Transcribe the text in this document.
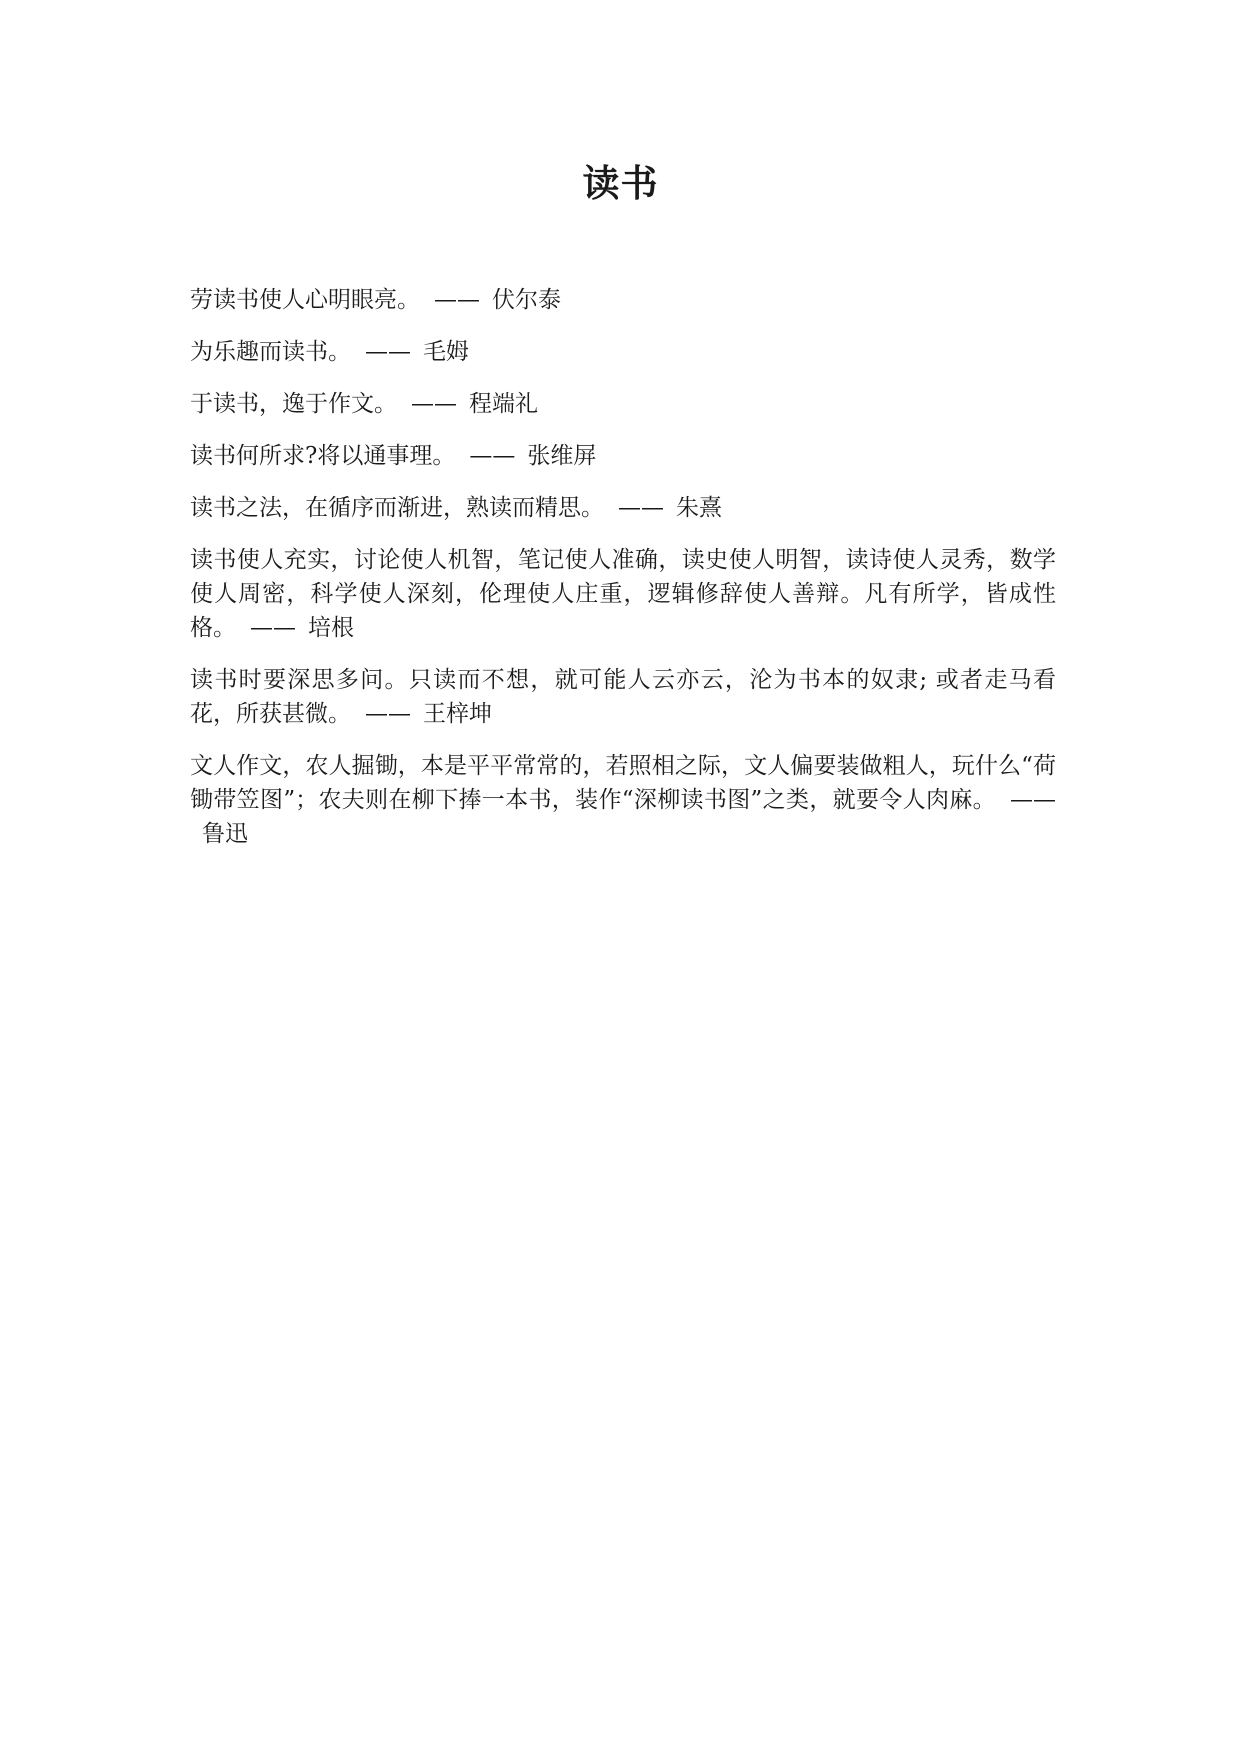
读书

劳读书使人心明眼亮。 —— 伏尔泰

为乐趣而读书。 —— 毛姆

于读书，逸于作文。 —— 程端礼

读书何所求?将以通事理。 —— 张维屏

读书之法，在循序而渐进，熟读而精思。 —— 朱熹

读书使人充实，讨论使人机智，笔记使人准确，读史使人明智，读诗使人灵秀，数学使人周密，科学使人深刻，伦理使人庄重，逻辑修辞使人善辩。凡有所学，皆成性格。 —— 培根

读书时要深思多问。只读而不想，就可能人云亦云，沦为书本的奴隶; 或者走马看花，所获甚微。 —— 王梓坤

文人作文，农人掘锄，本是平平常常的，若照相之际，文人偏要装做粗人，玩什么“荷锄带笠图”；农夫则在柳下捧一本书，装作“深柳读书图”之类，就要令人肉麻。 ——鲁迅
